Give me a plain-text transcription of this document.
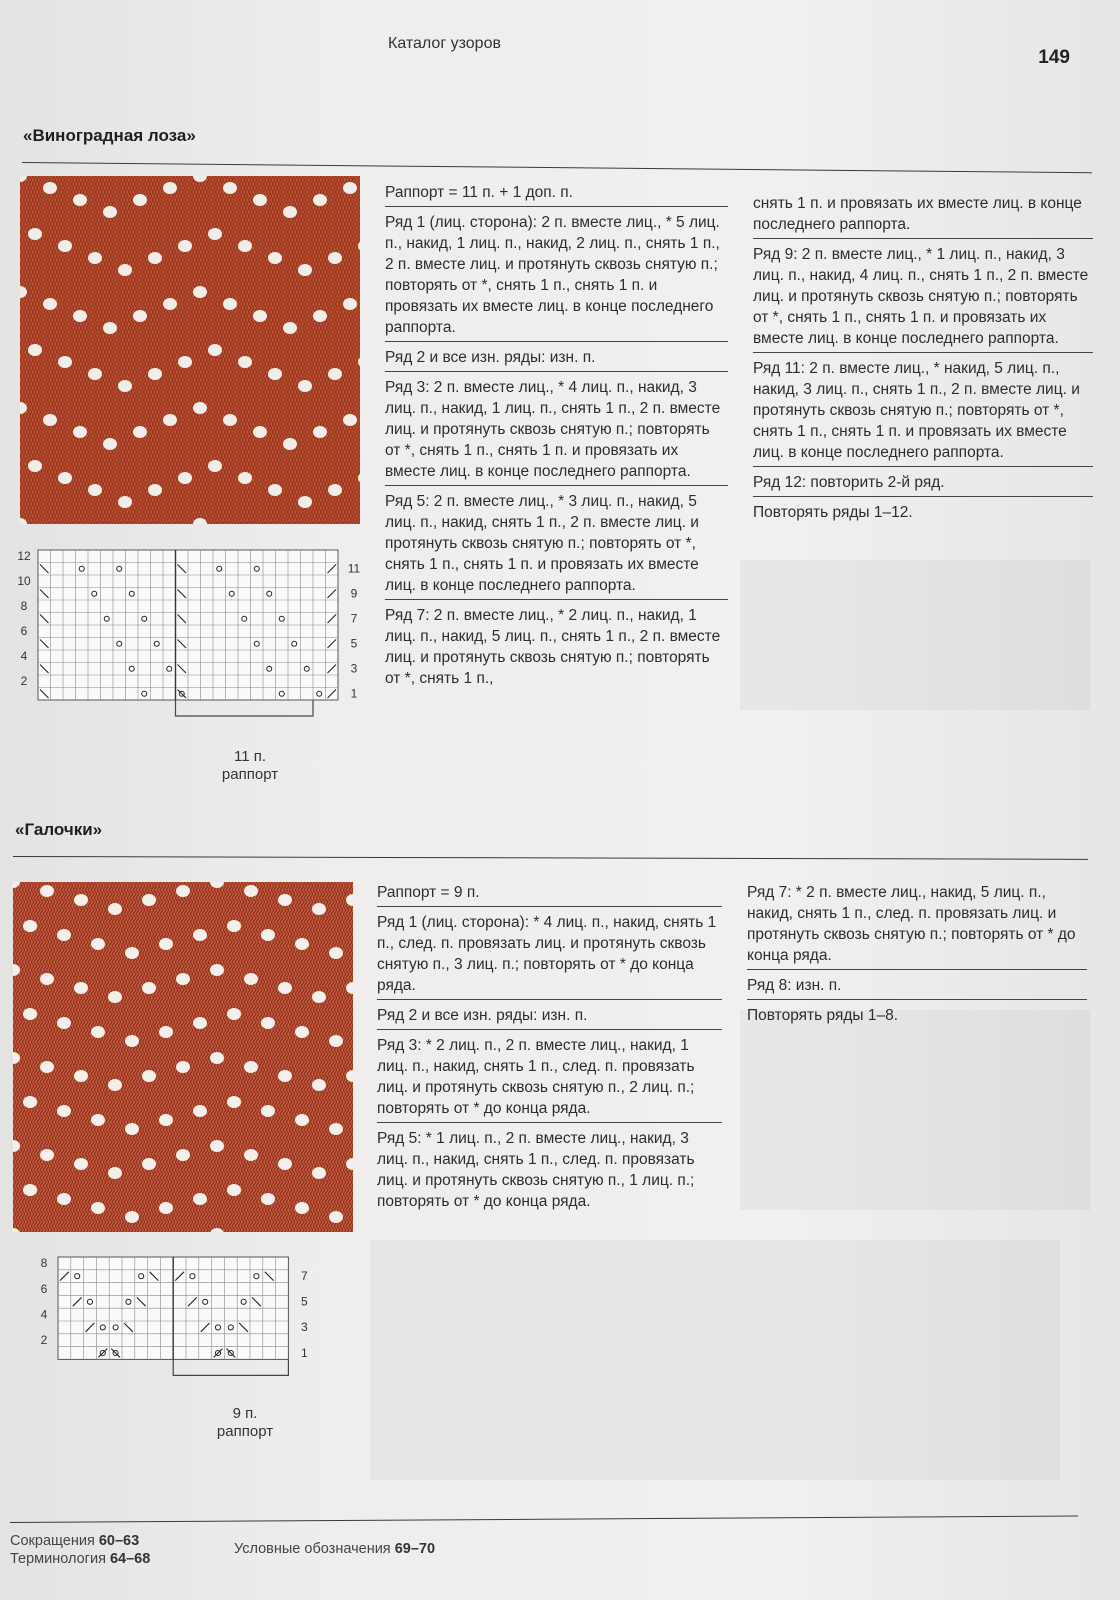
Каталог узоров
149
«Виноградная лоза»
12
10
8
6
4
2
11
9
7
5
3
1
11 п.
раппорт
Раппорт = 11 п. + 1 доп. п.
Ряд 1 (лиц. сторона): 2 п. вместе лиц., * 5 лиц. п., накид, 1 лиц. п., накид, 2 лиц. п., снять 1 п., 2 п. вместе лиц. и протянуть сквозь снятую п.; повторять от *, снять 1 п., снять 1 п. и провязать их вместе лиц. в конце последнего раппорта.
Ряд 2 и все изн. ряды: изн. п.
Ряд 3: 2 п. вместе лиц., * 4 лиц. п., накид, 3 лиц. п., накид, 1 лиц. п., снять 1 п., 2 п. вместе лиц. и протянуть сквозь снятую п.; повторять от *, снять 1 п., снять 1 п. и провязать их вместе лиц. в конце последнего раппорта.
Ряд 5: 2 п. вместе лиц., * 3 лиц. п., накид, 5 лиц. п., накид, снять 1 п., 2 п. вместе лиц. и протянуть сквозь снятую п.; повторять от *, снять 1 п., снять 1 п. и провязать их вместе лиц. в конце последнего раппорта.
Ряд 7: 2 п. вместе лиц., * 2 лиц. п., накид, 1 лиц. п., накид, 5 лиц. п., снять 1 п., 2 п. вместе лиц. и протянуть сквозь снятую п.; повторять от *, снять 1 п.,
снять 1 п. и провязать их вместе лиц. в конце последнего раппорта.
Ряд 9: 2 п. вместе лиц., * 1 лиц. п., накид, 3 лиц. п., накид, 4 лиц. п., снять 1 п., 2 п. вместе лиц. и протянуть сквозь снятую п.; повторять от *, снять 1 п., снять 1 п. и провязать их вместе лиц. в конце последнего раппорта.
Ряд 11: 2 п. вместе лиц., * накид, 5 лиц. п., накид, 3 лиц. п., снять 1 п., 2 п. вместе лиц. и протянуть сквозь снятую п.; повторять от *, снять 1 п., снять 1 п. и провязать их вместе лиц. в конце последнего раппорта.
Ряд 12: повторить 2-й ряд.
Повторять ряды 1–12.
«Галочки»
8
6
4
2
7
5
3
1
9 п.
раппорт
Раппорт = 9 п.
Ряд 1 (лиц. сторона): * 4 лиц. п., накид, снять 1 п., след. п. провязать лиц. и протянуть сквозь снятую п., 3 лиц. п.; повторять от * до конца ряда.
Ряд 2 и все изн. ряды: изн. п.
Ряд 3: * 2 лиц. п., 2 п. вместе лиц., накид, 1 лиц. п., накид, снять 1 п., след. п. провязать лиц. и протянуть сквозь снятую п., 2 лиц. п.; повторять от * до конца ряда.
Ряд 5: * 1 лиц. п., 2 п. вместе лиц., накид, 3 лиц. п., накид, снять 1 п., след. п. провязать лиц. и протянуть сквозь снятую п., 1 лиц. п.; повторять от * до конца ряда.
Ряд 7: * 2 п. вместе лиц., накид, 5 лиц. п., накид, снять 1 п., след. п. провязать лиц. и протянуть сквозь снятую п.; повторять от * до конца ряда.
Ряд 8: изн. п.
Повторять ряды 1–8.
Сокращения 60–63
Терминология 64–68
Условные обозначения 69–70
